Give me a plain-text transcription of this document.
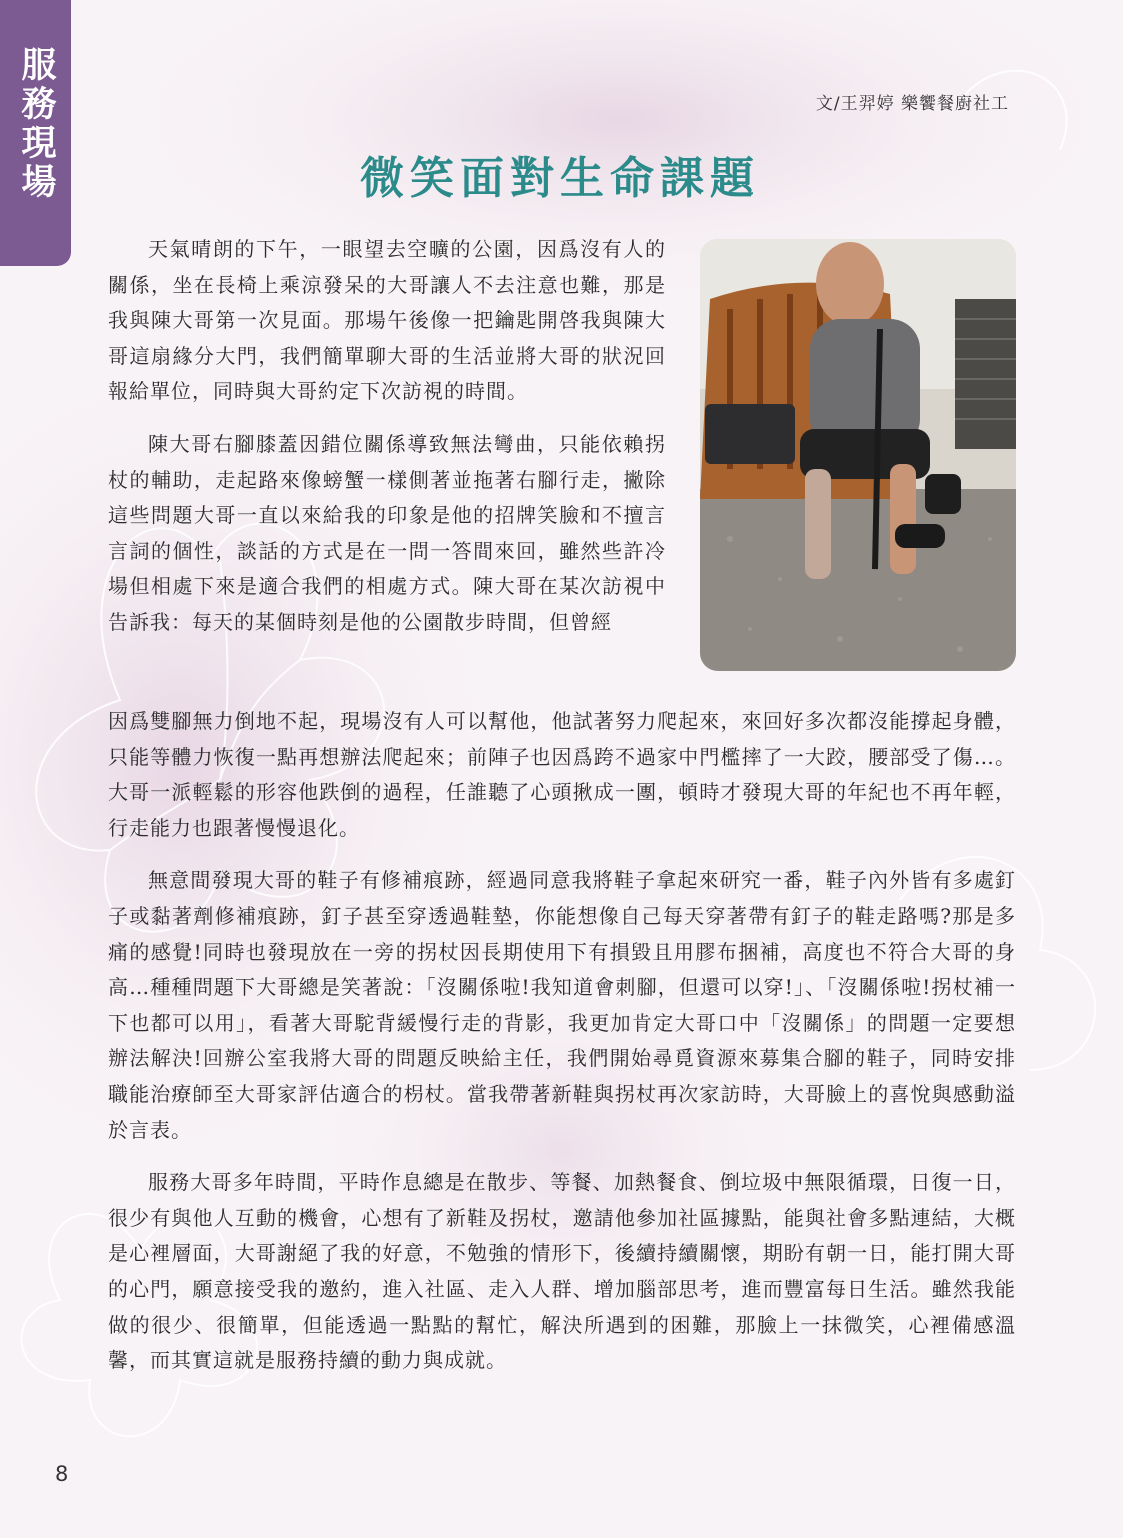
服務現場	文/王羿婷 樂饗餐廚社工
微笑面對生命課題

天氣晴朗的下午，一眼望去空曠的公園，因爲沒有人的關係，坐在長椅上乘涼發呆的大哥讓人不去注意也難，那是我與陳大哥第一次見面。那場午後像一把鑰匙開啓我與陳大哥這扇緣分大門，我們簡單聊大哥的生活並將大哥的狀況回報給單位，同時與大哥約定下次訪視的時間。

陳大哥右腳膝蓋因錯位關係導致無法彎曲，只能依賴拐杖的輔助，走起路來像螃蟹一樣側著並拖著右腳行走，撇除這些問題大哥一直以來給我的印象是他的招牌笑臉和不擅言言詞的個性，談話的方式是在一問一答間來回，雖然些許冷場但相處下來是適合我們的相處方式。陳大哥在某次訪視中告訴我：每天的某個時刻是他的公園散步時間，但曾經

因爲雙腳無力倒地不起，現場沒有人可以幫他，他試著努力爬起來，來回好多次都沒能撐起身體，只能等體力恢復一點再想辦法爬起來；前陣子也因爲跨不過家中門檻摔了一大跤，腰部受了傷…。大哥一派輕鬆的形容他跌倒的過程，任誰聽了心頭揪成一團，頓時才發現大哥的年紀也不再年輕，行走能力也跟著慢慢退化。

無意間發現大哥的鞋子有修補痕跡，經過同意我將鞋子拿起來研究一番，鞋子內外皆有多處釘子或黏著劑修補痕跡，釘子甚至穿透過鞋墊，你能想像自己每天穿著帶有釘子的鞋走路嗎?那是多痛的感覺!同時也發現放在一旁的拐杖因長期使用下有損毀且用膠布捆補，高度也不符合大哥的身高…種種問題下大哥總是笑著說：「沒關係啦!我知道會刺腳，但還可以穿!」、「沒關係啦!拐杖補一下也都可以用」，看著大哥駝背緩慢行走的背影，我更加肯定大哥口中「沒關係」的問題一定要想辦法解決!回辦公室我將大哥的問題反映給主任，我們開始尋覓資源來募集合腳的鞋子，同時安排職能治療師至大哥家評估適合的枴杖。當我帶著新鞋與拐杖再次家訪時，大哥臉上的喜悅與感動溢於言表。

服務大哥多年時間，平時作息總是在散步、等餐、加熱餐食、倒垃圾中無限循環，日復一日，很少有與他人互動的機會，心想有了新鞋及拐杖，邀請他參加社區據點，能與社會多點連結，大概是心裡層面，大哥謝絕了我的好意，不勉強的情形下，後續持續關懷，期盼有朝一日，能打開大哥的心門，願意接受我的邀約，進入社區、走入人群、增加腦部思考，進而豐富每日生活。雖然我能做的很少、很簡單，但能透過一點點的幫忙，解決所遇到的困難，那臉上一抹微笑，心裡備感溫馨，而其實這就是服務持續的動力與成就。

8
